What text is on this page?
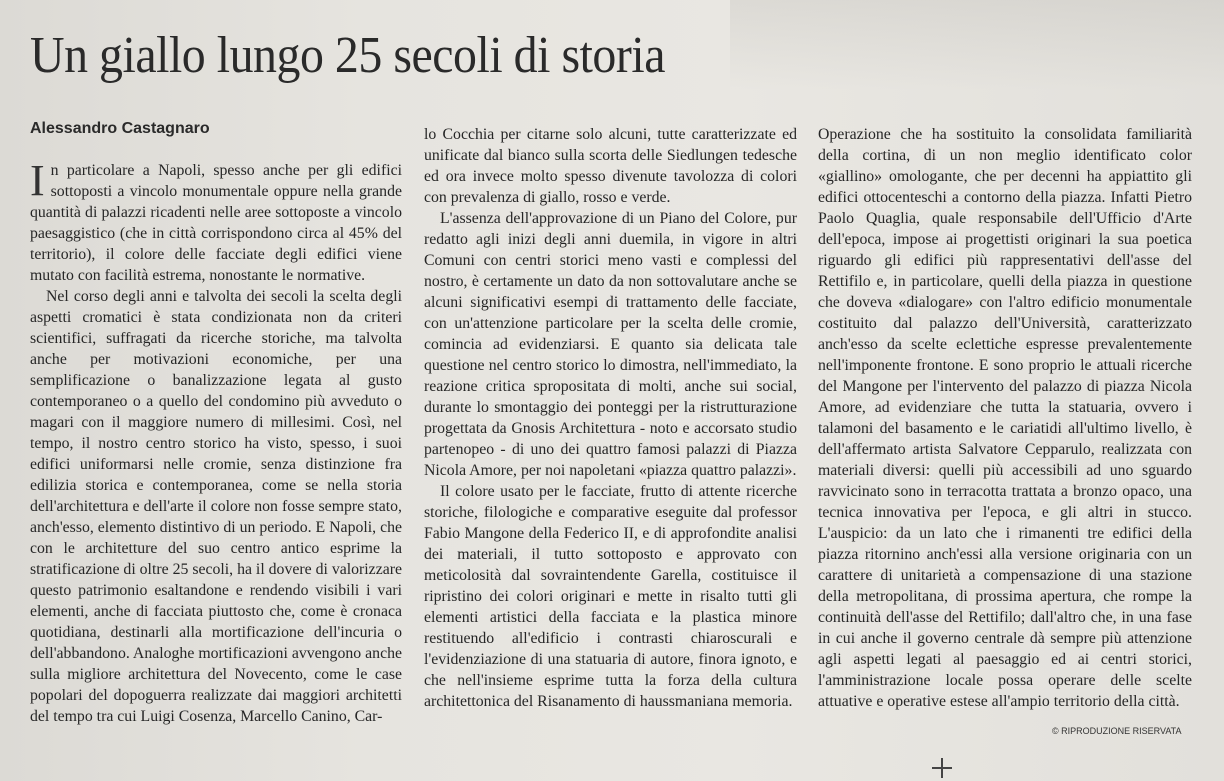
Un giallo lungo 25 secoli di storia
Alessandro Castagnaro

In particolare a Napoli, spesso anche per gli edifici sottoposti a vincolo monumentale oppure nella grande quantità di palazzi ricadenti nelle aree sottoposte a vincolo paesaggistico (che in città corrispondono circa al 45% del territorio), il colore delle facciate degli edifici viene mutato con facilità estrema, nonostante le normative.

Nel corso degli anni e talvolta dei secoli la scelta degli aspetti cromatici è stata condizionata non da criteri scientifici, suffragati da ricerche storiche, ma talvolta anche per motivazioni economiche, per una semplificazione o banalizzazione legata al gusto contemporaneo o a quello del condomino più avveduto o magari con il maggiore numero di millesimi. Così, nel tempo, il nostro centro storico ha visto, spesso, i suoi edifici uniformarsi nelle cromie, senza distinzione fra edilizia storica e contemporanea, come se nella storia dell'architettura e dell'arte il colore non fosse sempre stato, anch'esso, elemento distintivo di un periodo. E Napoli, che con le architetture del suo centro antico esprime la stratificazione di oltre 25 secoli, ha il dovere di valorizzare questo patrimonio esaltandone e rendendo visibili i vari elementi, anche di facciata piuttosto che, come è cronaca quotidiana, destinarli alla mortificazione dell'incuria o dell'abbandono. Analoghe mortificazioni avvengono anche sulla migliore architettura del Novecento, come le case popolari del dopoguerra realizzate dai maggiori architetti del tempo tra cui Luigi Cosenza, Marcello Canino, Car-

lo Cocchia per citarne solo alcuni, tutte caratterizzate ed unificate dal bianco sulla scorta delle Siedlungen tedesche ed ora invece molto spesso divenute tavolozza di colori con prevalenza di giallo, rosso e verde.

L'assenza dell'approvazione di un Piano del Colore, pur redatto agli inizi degli anni duemila, in vigore in altri Comuni con centri storici meno vasti e complessi del nostro, è certamente un dato da non sottovalutare anche se alcuni significativi esempi di trattamento delle facciate, con un'attenzione particolare per la scelta delle cromie, comincia ad evidenziarsi. E quanto sia delicata tale questione nel centro storico lo dimostra, nell'immediato, la reazione critica spropositata di molti, anche sui social, durante lo smontaggio dei ponteggi per la ristrutturazione progettata da Gnosis Architettura - noto e accorsato studio partenopeo - di uno dei quattro famosi palazzi di Piazza Nicola Amore, per noi napoletani «piazza quattro palazzi».

Il colore usato per le facciate, frutto di attente ricerche storiche, filologiche e comparative eseguite dal professor Fabio Mangone della Federico II, e di approfondite analisi dei materiali, il tutto sottoposto e approvato con meticolosità dal sovraintendente Garella, costituisce il ripristino dei colori originari e mette in risalto tutti gli elementi artistici della facciata e la plastica minore restituendo all'edificio i contrasti chiaroscurali e l'evidenziazione di una statuaria di autore, finora ignoto, e che nell'insieme esprime tutta la forza della cultura architettonica del Risanamento di haussmaniana memoria.

Operazione che ha sostituito la consolidata familiarità della cortina, di un non meglio identificato color «giallino» omologante, che per decenni ha appiattito gli edifici ottocenteschi a contorno della piazza. Infatti Pietro Paolo Quaglia, quale responsabile dell'Ufficio d'Arte dell'epoca, impose ai progettisti originari la sua poetica riguardo gli edifici più rappresentativi dell'asse del Rettifilo e, in particolare, quelli della piazza in questione che doveva «dialogare» con l'altro edificio monumentale costituito dal palazzo dell'Università, caratterizzato anch'esso da scelte eclettiche espresse prevalentemente nell'imponente frontone. E sono proprio le attuali ricerche del Mangone per l'intervento del palazzo di piazza Nicola Amore, ad evidenziare che tutta la statuaria, ovvero i talamoni del basamento e le cariatidi all'ultimo livello, è dell'affermato artista Salvatore Cepparulo, realizzata con materiali diversi: quelli più accessibili ad uno sguardo ravvicinato sono in terracotta trattata a bronzo opaco, una tecnica innovativa per l'epoca, e gli altri in stucco. L'auspicio: da un lato che i rimanenti tre edifici della piazza ritornino anch'essi alla versione originaria con un carattere di unitarietà a compensazione di una stazione della metropolitana, di prossima apertura, che rompe la continuità dell'asse del Rettifilo; dall'altro che, in una fase in cui anche il governo centrale dà sempre più attenzione agli aspetti legati al paesaggio ed ai centri storici, l'amministrazione locale possa operare delle scelte attuative e operative estese all'ampio territorio della città.

© RIPRODUZIONE RISERVATA
